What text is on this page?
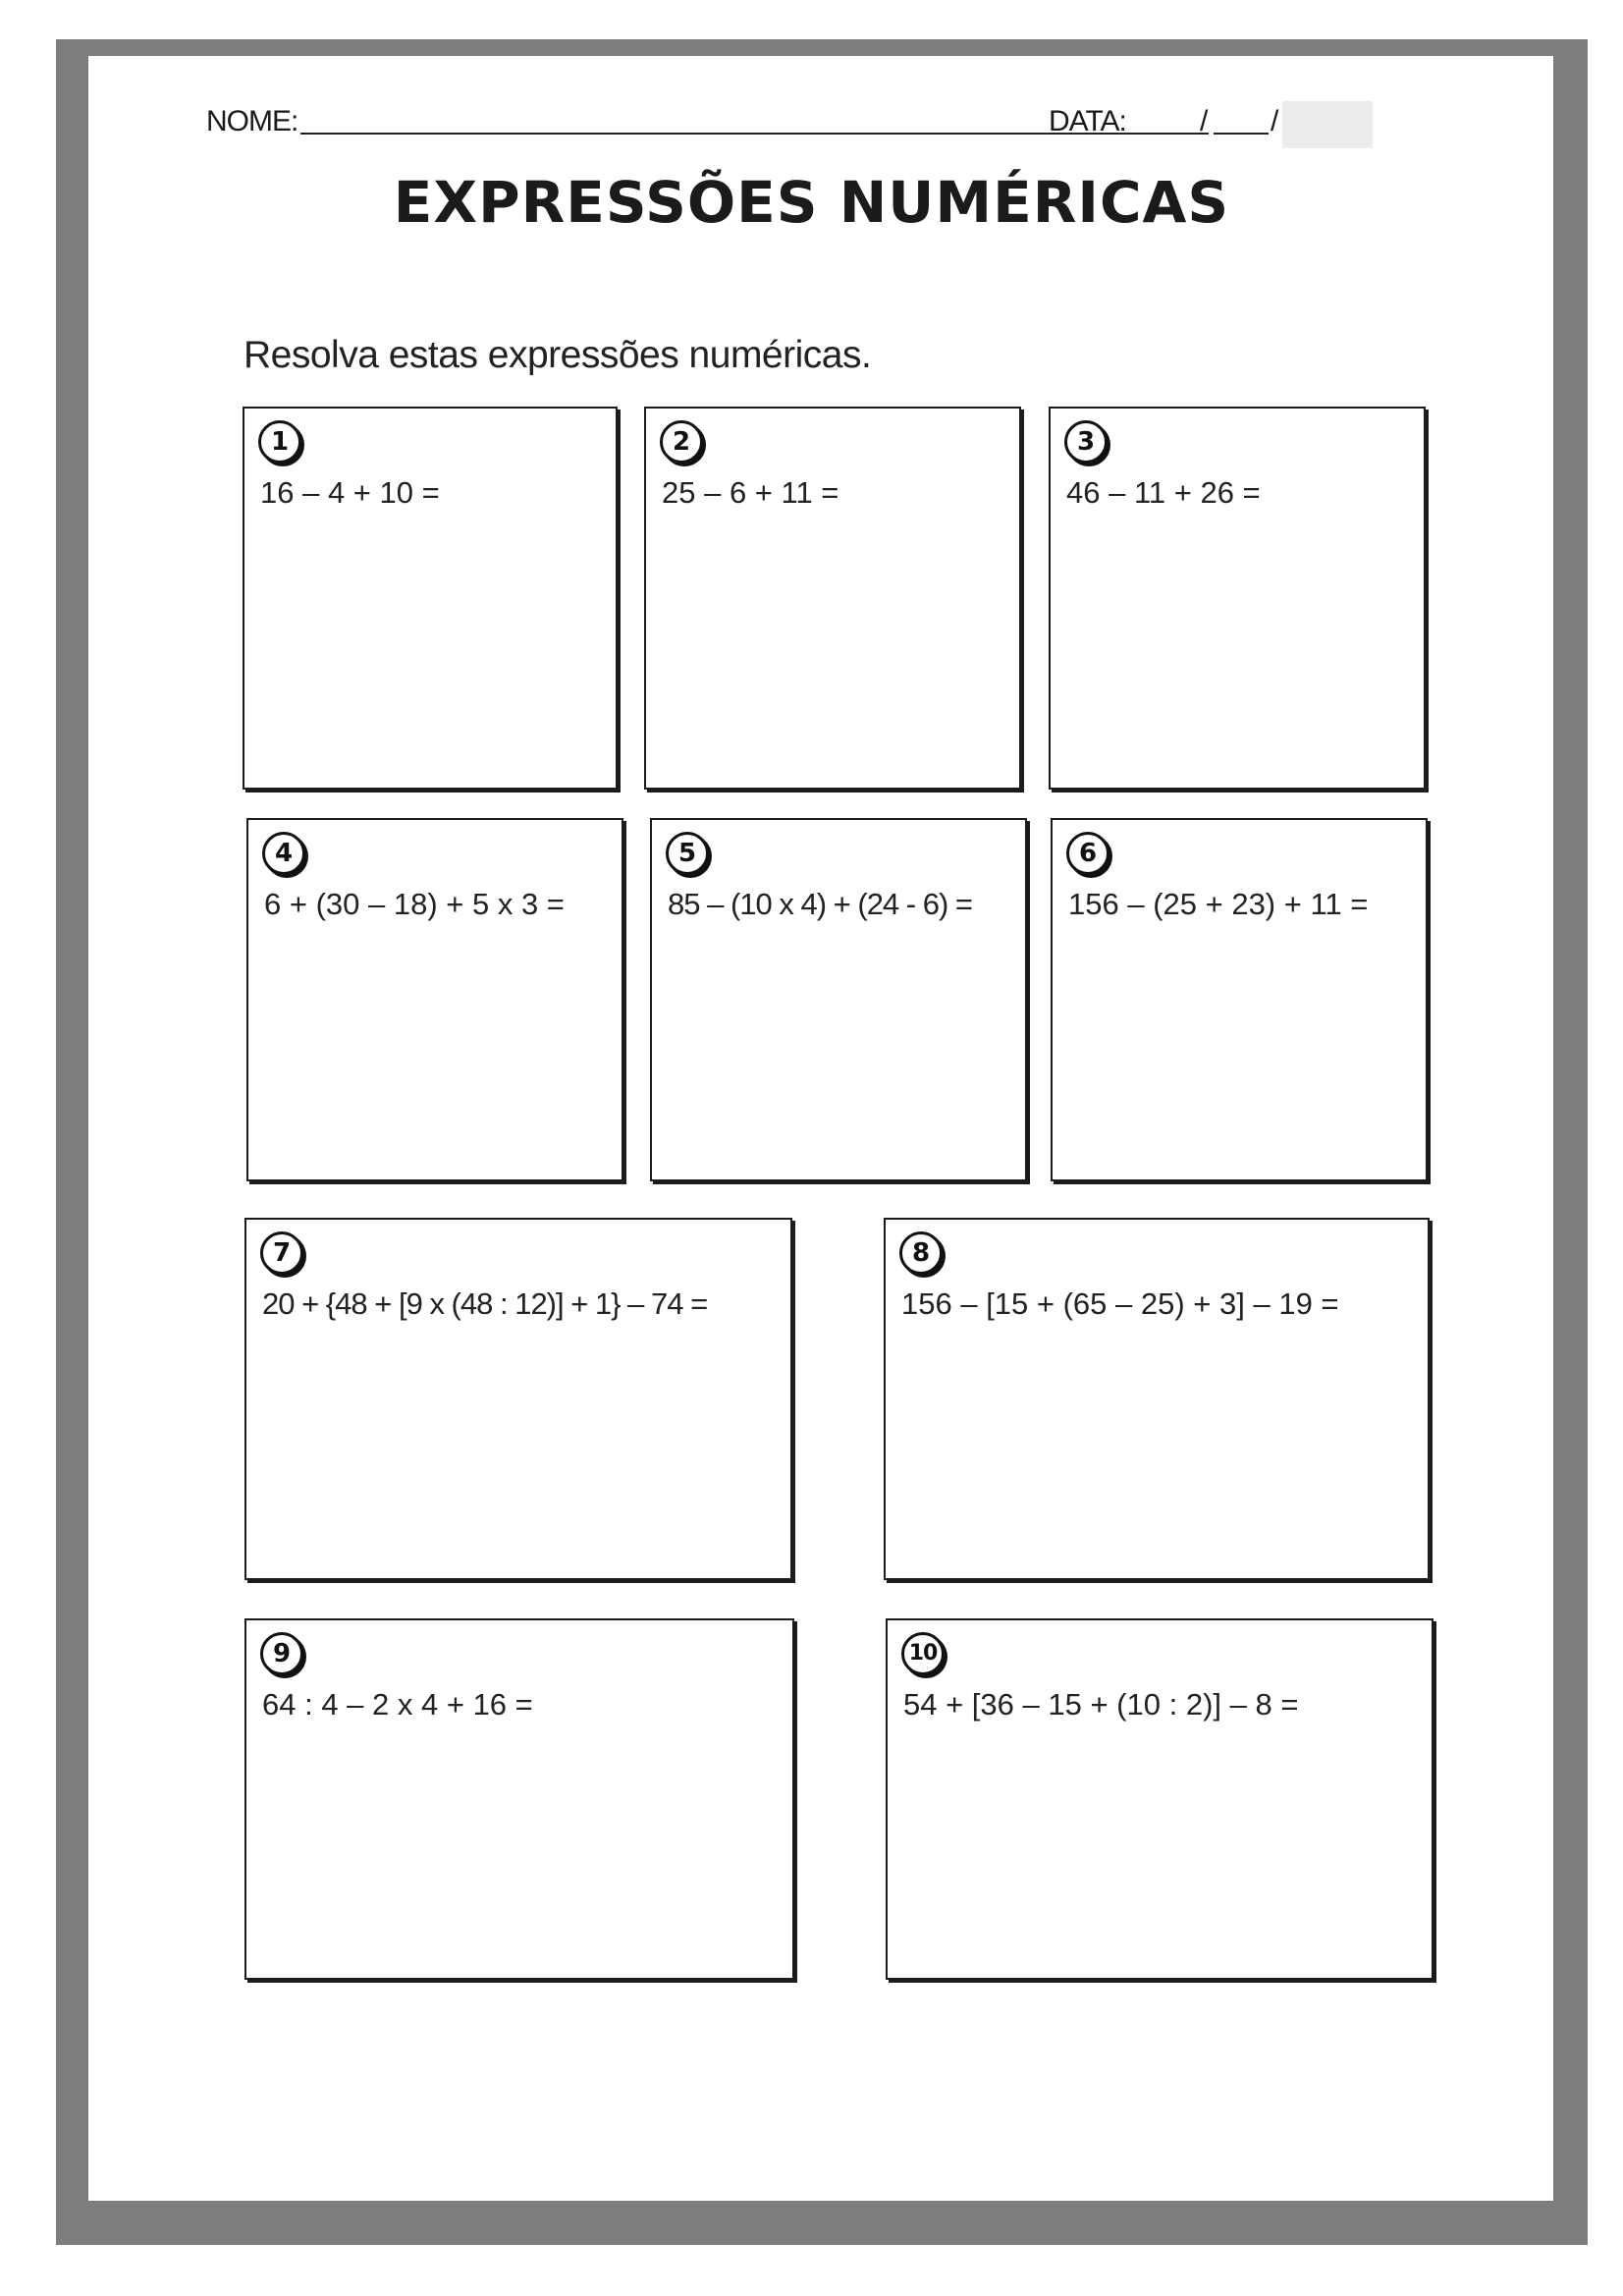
NOME:	DATA:	/ /
EXPRESSÕES NUMÉRICAS
Resolva estas expressões numéricas.
1
16 – 4 + 10 =
2
25 – 6 + 11 =
3
46 – 11 + 26 =
4
6 + (30 – 18) + 5 x 3 =
5
85 – (10 x 4) + (24 - 6) =
6
156 – (25 + 23) + 11 =
7
20 + {48 + [9 x (48 : 12)] + 1} – 74 =
8
156 – [15 + (65 – 25) + 3] – 19 =
9
64 : 4 – 2 x 4 + 16 =
10
54 + [36 – 15 + (10 : 2)] – 8 =
